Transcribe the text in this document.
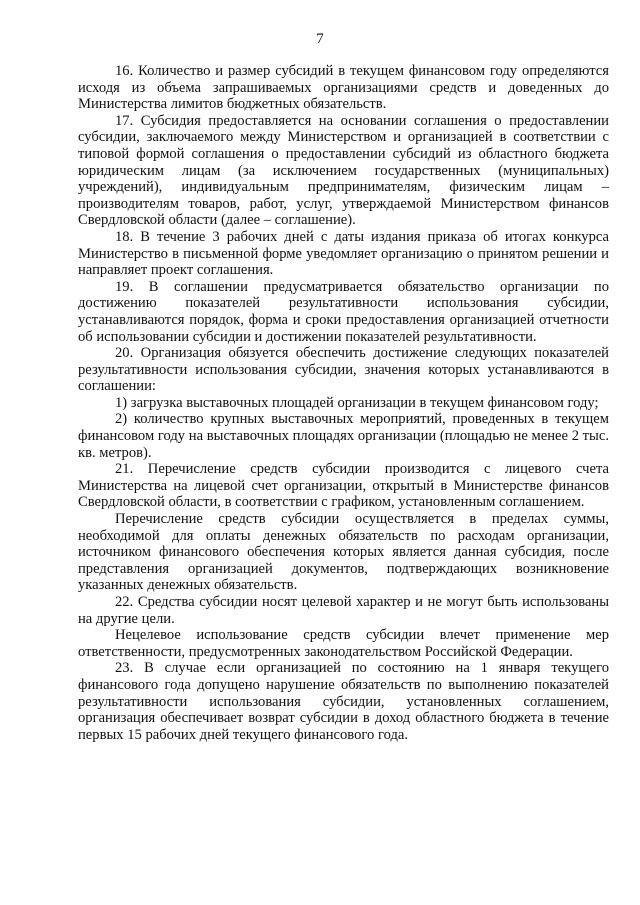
7

16. Количество и размер субсидий в текущем финансовом году определяются исходя из объема запрашиваемых организациями средств и доведенных до Министерства лимитов бюджетных обязательств.

17. Субсидия предоставляется на основании соглашения о предоставлении субсидии, заключаемого между Министерством и организацией в соответствии с типовой формой соглашения о предоставлении субсидий из областного бюджета юридическим лицам (за исключением государственных (муниципальных) учреждений), индивидуальным предпринимателям, физическим лицам – производителям товаров, работ, услуг, утверждаемой Министерством финансов Свердловской области (далее – соглашение).

18. В течение 3 рабочих дней с даты издания приказа об итогах конкурса Министерство в письменной форме уведомляет организацию о принятом решении и направляет проект соглашения.

19. В соглашении предусматривается обязательство организации по достижению показателей результативности использования субсидии, устанавливаются порядок, форма и сроки предоставления организацией отчетности об использовании субсидии и достижении показателей результативности.

20. Организация обязуется обеспечить достижение следующих показателей результативности использования субсидии, значения которых устанавливаются в соглашении:

1) загрузка выставочных площадей организации в текущем финансовом году;

2) количество крупных выставочных мероприятий, проведенных в текущем финансовом году на выставочных площадях организации (площадью не менее 2 тыс. кв. метров).

21. Перечисление средств субсидии производится с лицевого счета Министерства на лицевой счет организации, открытый в Министерстве финансов Свердловской области, в соответствии с графиком, установленным соглашением.

Перечисление средств субсидии осуществляется в пределах суммы, необходимой для оплаты денежных обязательств по расходам организации, источником финансового обеспечения которых является данная субсидия, после представления организацией документов, подтверждающих возникновение указанных денежных обязательств.

22. Средства субсидии носят целевой характер и не могут быть использованы на другие цели.

Нецелевое использование средств субсидии влечет применение мер ответственности, предусмотренных законодательством Российской Федерации.

23. В случае если организацией по состоянию на 1 января текущего финансового года допущено нарушение обязательств по выполнению показателей результативности использования субсидии, установленных соглашением, организация обеспечивает возврат субсидии в доход областного бюджета в течение первых 15 рабочих дней текущего финансового года.
